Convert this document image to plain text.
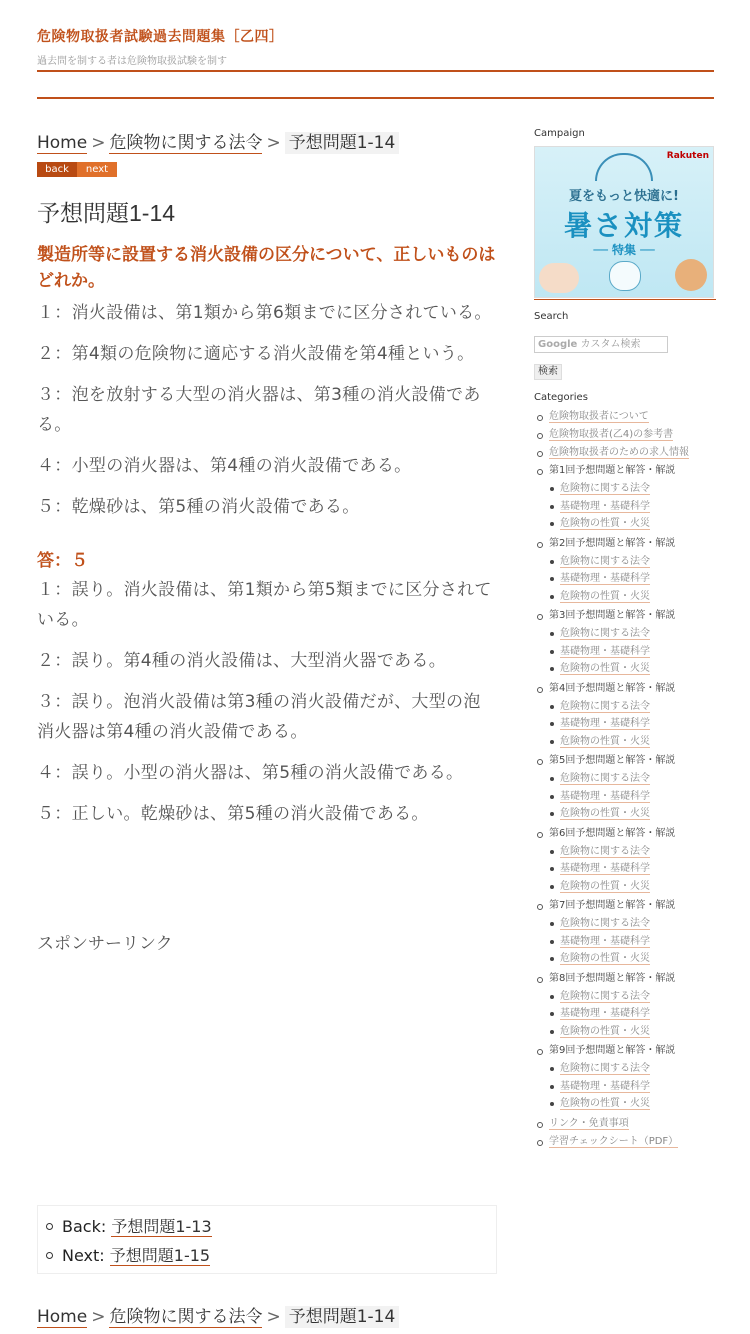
危険物取扱者試験過去問題集［乙四］
過去問を制する者は危険物取扱試験を制す
Home > 危険物に関する法令 > 予想問題1-14
back	next
予想問題1-14
製造所等に設置する消火設備の区分について、正しいものはどれか。

１：消火設備は、第1類から第6類までに区分されている。

２：第4類の危険物に適応する消火設備を第4種という。

３：泡を放射する大型の消火器は、第3種の消火設備である。

４：小型の消火器は、第4種の消火設備である。

５：乾燥砂は、第5種の消火設備である。

答：５

１：誤り。消火設備は、第1類から第5類までに区分されている。

２：誤り。第4種の消火設備は、大型消火器である。

３：誤り。泡消火設備は第3種の消火設備だが、大型の泡消火器は第4種の消火設備である。

４：誤り。小型の消火器は、第5種の消火設備である。

５：正しい。乾燥砂は、第5種の消火設備である。

スポンサーリンク
Back: 予想問題1-13
Next: 予想問題1-15
Home > 危険物に関する法令 > 予想問題1-14
Campaign
Rakuten
夏をもっと快適に!
暑さ対策
── 特集 ──
Search
Google カスタム検索
検索
Categories
危険物取扱者について
危険物取扱者(乙4)の参考書
危険物取扱者のための求人情報
第1回予想問題と解答・解説
危険物に関する法令
基礎物理・基礎科学
危険物の性質・火災
第2回予想問題と解答・解説
危険物に関する法令
基礎物理・基礎科学
危険物の性質・火災
第3回予想問題と解答・解説
危険物に関する法令
基礎物理・基礎科学
危険物の性質・火災
第4回予想問題と解答・解説
危険物に関する法令
基礎物理・基礎科学
危険物の性質・火災
第5回予想問題と解答・解説
危険物に関する法令
基礎物理・基礎科学
危険物の性質・火災
第6回予想問題と解答・解説
危険物に関する法令
基礎物理・基礎科学
危険物の性質・火災
第7回予想問題と解答・解説
危険物に関する法令
基礎物理・基礎科学
危険物の性質・火災
第8回予想問題と解答・解説
危険物に関する法令
基礎物理・基礎科学
危険物の性質・火災
第9回予想問題と解答・解説
危険物に関する法令
基礎物理・基礎科学
危険物の性質・火災
リンク・免責事項
学習チェックシート（PDF）
